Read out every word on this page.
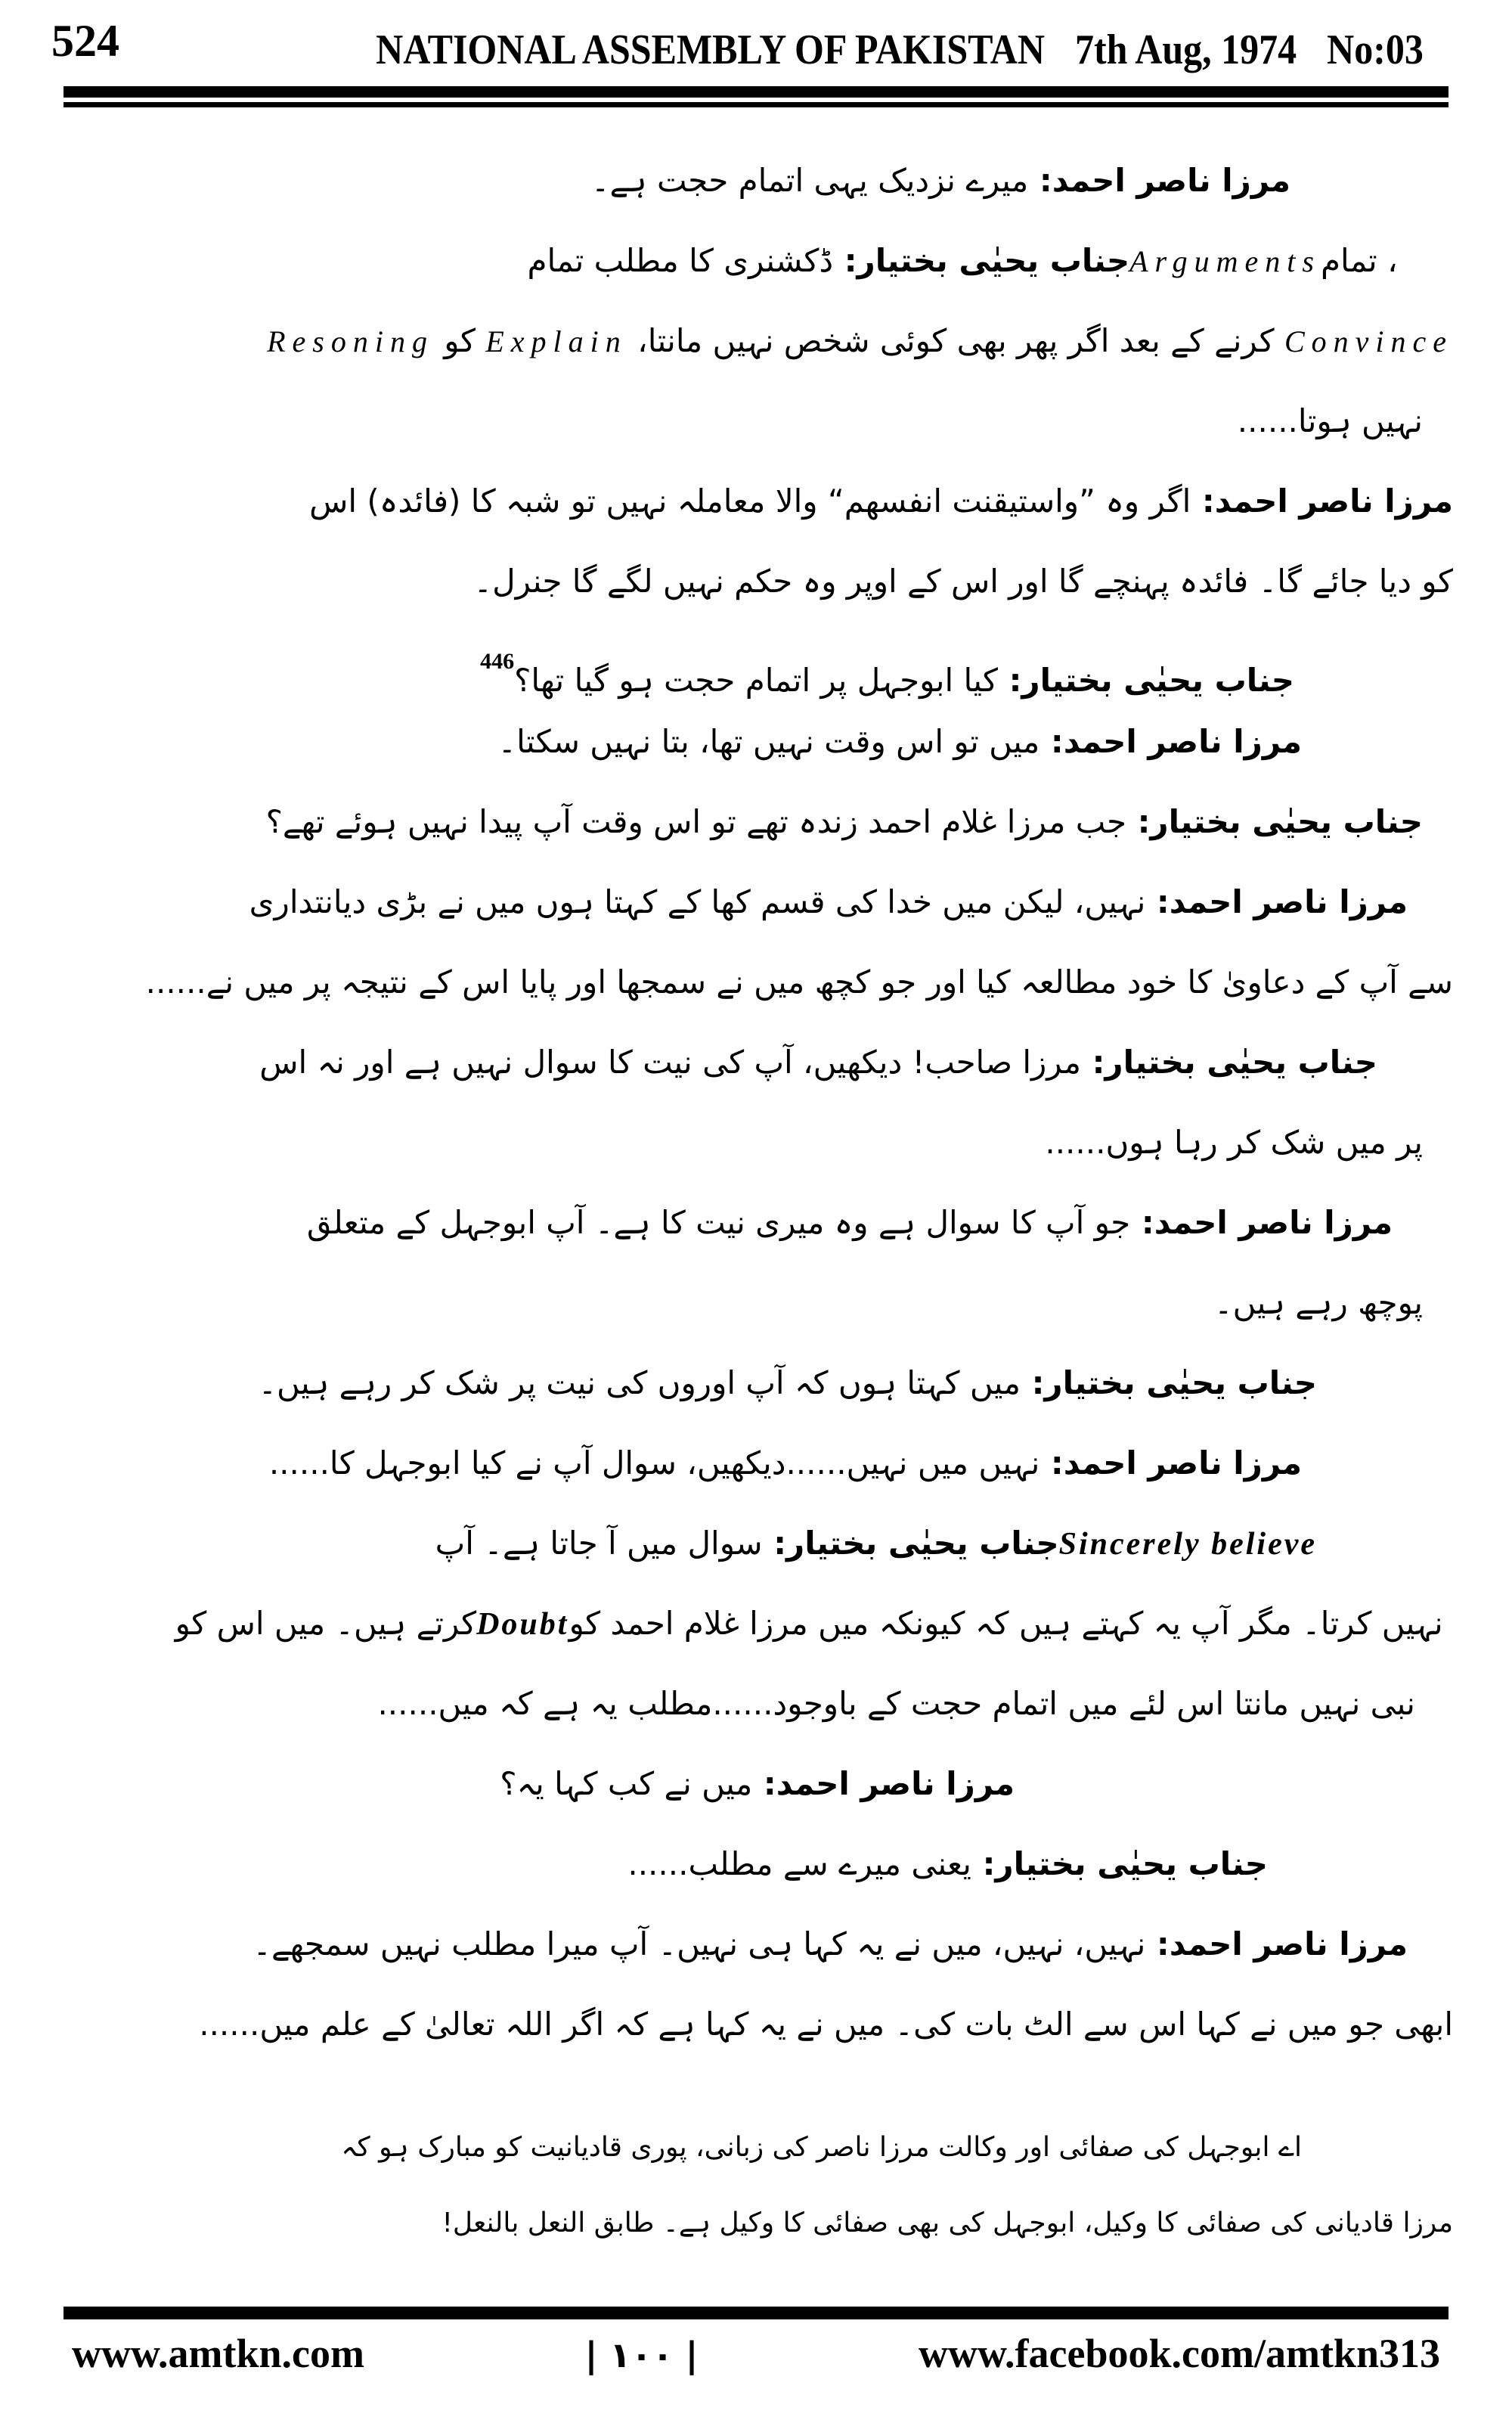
524	NATIONAL ASSEMBLY OF PAKISTAN 7th Aug, 1974 No:03
مرزا ناصر احمد: میرے نزدیک یہی اتمام حجت ہے۔
جناب یحیٰی بختیار: ڈکشنری کا مطلب تمام	Arguments ، تمام
Resoning کو Explain کرنے کے بعد اگر پھر بھی کوئی شخص نہیں مانتا، Convince
نہیں ہوتا......
مرزا ناصر احمد: اگر وہ ”واستیقنت انفسھم“ والا معاملہ نہیں تو شبہ کا (فائدہ) اس
کو دیا جائے گا۔ فائدہ پہنچے گا اور اس کے اوپر وہ حکم نہیں لگے گا جنرل۔
$^{446}$جناب یحیٰی بختیار: کیا ابوجہل پر اتمام حجت ہو گیا تھا؟
مرزا ناصر احمد: میں تو اس وقت نہیں تھا، بتا نہیں سکتا۔
جناب یحیٰی بختیار: جب مرزا غلام احمد زندہ تھے تو اس وقت آپ پیدا نہیں ہوئے تھے؟
مرزا ناصر احمد: نہیں، لیکن میں خدا کی قسم کھا کے کہتا ہوں میں نے بڑی دیانتداری
سے آپ کے دعاویٰ کا خود مطالعہ کیا اور جو کچھ میں نے سمجھا اور پایا اس کے نتیجہ پر میں نے......
جناب یحیٰی بختیار: مرزا صاحب! دیکھیں، آپ کی نیت کا سوال نہیں ہے اور نہ اس
پر میں شک کر رہا ہوں......
مرزا ناصر احمد: جو آپ کا سوال ہے وہ میری نیت کا ہے۔ آپ ابوجہل کے متعلق
پوچھ رہے ہیں۔
جناب یحیٰی بختیار: میں کہتا ہوں کہ آپ اوروں کی نیت پر شک کر رہے ہیں۔
مرزا ناصر احمد: نہیں میں نہیں......دیکھیں، سوال آپ نے کیا ابوجہل کا......
جناب یحیٰی بختیار: سوال میں آ جاتا ہے۔ آپ	Sincerely believe
کرتے ہیں۔ میں اس کو Doubt نہیں کرتا۔ مگر آپ یہ کہتے ہیں کہ کیونکہ میں مرزا غلام احمد کو
نبی نہیں مانتا اس لئے میں اتمام حجت کے باوجود......مطلب یہ ہے کہ میں......
مرزا ناصر احمد: میں نے کب کہا یہ؟
جناب یحیٰی بختیار: یعنی میرے سے مطلب......
مرزا ناصر احمد: نہیں، نہیں، میں نے یہ کہا ہی نہیں۔ آپ میرا مطلب نہیں سمجھے۔
ابھی جو میں نے کہا اس سے الٹ بات کی۔ میں نے یہ کہا ہے کہ اگر اللہ تعالیٰ کے علم میں......
اے ابوجہل کی صفائی اور وکالت مرزا ناصر کی زبانی، پوری قادیانیت کو مبارک ہو کہ
مرزا قادیانی کی صفائی کا وکیل، ابوجہل کی بھی صفائی کا وکیل ہے۔ طابق النعل بالنعل!
www.amtkn.com	| ۱۰۰ |	www.facebook.com/amtkn313
